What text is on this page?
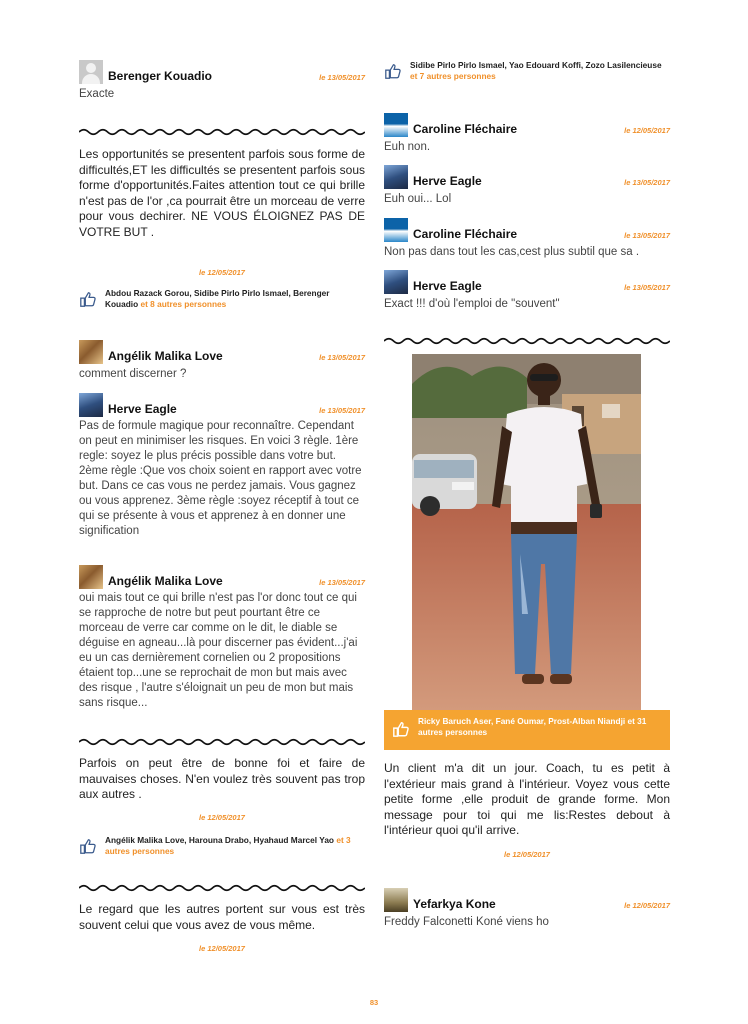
Berenger Kouadio	le 13/05/2017
Exacte
Les opportunités se presentent parfois sous forme de difficultés,ET les difficultés se presentent parfois sous forme d'opportunités.Faites attention tout ce qui brille n'est pas de l'or ,ca pourrait être un morceau de verre pour vous dechirer. NE VOUS ÉLOIGNEZ PAS DE VOTRE BUT .
le 12/05/2017
Abdou Razack Gorou, Sidibe Pirlo Pirlo Ismael, Berenger Kouadio et 8 autres personnes
Angélik Malika Love	le 13/05/2017
comment discerner ?
Herve Eagle	le 13/05/2017
Pas de formule magique pour reconnaître. Cependant on peut en minimiser les risques. En voici 3 règle. 1ère regle: soyez le plus précis possible dans votre but. 2ème règle :Que vos choix soient en rapport avec votre but. Dans ce cas vous ne perdez jamais. Vous gagnez ou vous apprenez. 3ème règle :soyez réceptif à tout ce qui se présente à vous et apprenez à en donner une signification
Angélik Malika Love	le 13/05/2017
oui mais tout ce qui brille n'est pas l'or donc tout ce qui se rapproche de notre but peut pourtant être ce morceau de verre car comme on le dit, le diable se déguise en agneau...là pour discerner pas évident...j'ai eu un cas dernièrement cornelien ou 2 propositions étaient top...une se reprochait de mon but mais avec des risque , l'autre s'éloignait un peu de mon but mais sans risque...
Parfois on peut être de bonne foi et faire de mauvaises choses. N'en voulez très souvent pas trop aux autres .
le 12/05/2017
Angélik Malika Love, Harouna Drabo, Hyahaud Marcel Yao et 3 autres personnes
Le regard que les autres portent sur vous est très souvent celui que vous avez de vous même.
le 12/05/2017
Sidibe Pirlo Pirlo Ismael, Yao Edouard Koffi, Zozo Lasilencieuse et 7 autres personnes
Caroline Fléchaire	le 12/05/2017
Euh non.
Herve Eagle	le 13/05/2017
Euh oui... Lol
Caroline Fléchaire	le 13/05/2017
Non pas dans tout les cas,cest plus subtil que sa .
Herve Eagle	le 13/05/2017
Exact !!! d'où l'emploi de "souvent"
Ricky Baruch Aser, Fané Oumar, Prost-Alban Niandji et 31 autres personnes
Un client m'a dit un jour. Coach, tu es petit à l'extérieur mais grand à l'intérieur. Voyez vous cette petite forme ,elle produit de grande forme. Mon message pour toi qui me lis:Restes debout à l'intérieur quoi qu'il arrive.
le 12/05/2017
Yefarkya Kone	le 12/05/2017
Freddy Falconetti Koné viens ho
83
